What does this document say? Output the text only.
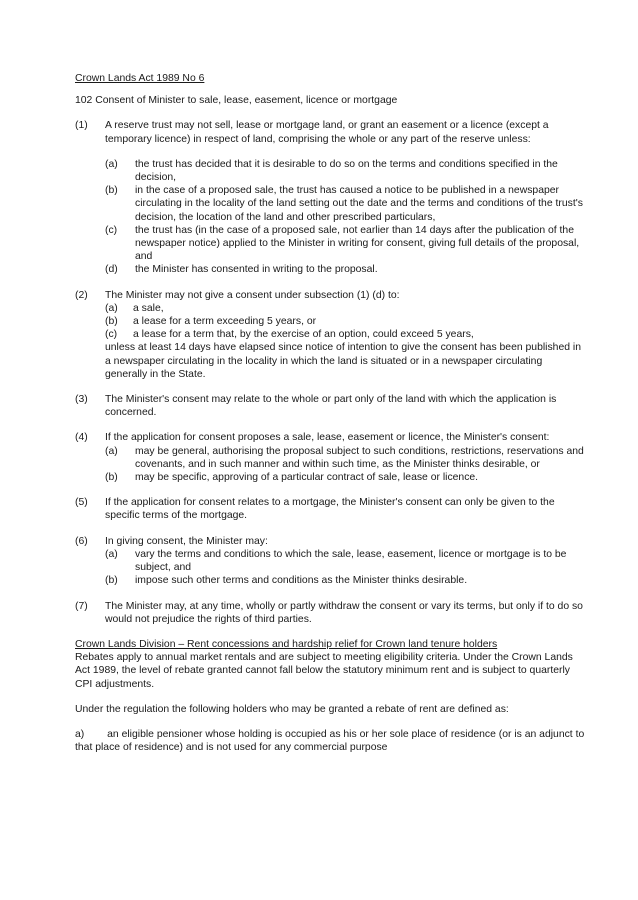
Crown Lands Act 1989 No 6
102 Consent of Minister to sale, lease, easement, licence or mortgage
(1)	A reserve trust may not sell, lease or mortgage land, or grant an easement or a licence (except a temporary licence) in respect of land, comprising the whole or any part of the reserve unless:
(a)	the trust has decided that it is desirable to do so on the terms and conditions specified in the decision,
(b)	in the case of a proposed sale, the trust has caused a notice to be published in a newspaper circulating in the locality of the land setting out the date and the terms and conditions of the trust's decision, the location of the land and other prescribed particulars,
(c)	the trust has (in the case of a proposed sale, not earlier than 14 days after the publication of the newspaper notice) applied to the Minister in writing for consent, giving full details of the proposal, and
(d)	the Minister has consented in writing to the proposal.
(2)	The Minister may not give a consent under subsection (1) (d) to:
(a)	a sale,
(b)	a lease for a term exceeding 5 years, or
(c)	a lease for a term that, by the exercise of an option, could exceed 5 years,
unless at least 14 days have elapsed since notice of intention to give the consent has been published in a newspaper circulating in the locality in which the land is situated or in a newspaper circulating generally in the State.
(3)	The Minister's consent may relate to the whole or part only of the land with which the application is concerned.
(4)	If the application for consent proposes a sale, lease, easement or licence, the Minister's consent:
(a)	may be general, authorising the proposal subject to such conditions, restrictions, reservations and covenants, and in such manner and within such time, as the Minister thinks desirable, or
(b)	may be specific, approving of a particular contract of sale, lease or licence.
(5)	If the application for consent relates to a mortgage, the Minister's consent can only be given to the specific terms of the mortgage.
(6)	In giving consent, the Minister may:
(a)	vary the terms and conditions to which the sale, lease, easement, licence or mortgage is to be subject, and
(b)	impose such other terms and conditions as the Minister thinks desirable.
(7)	The Minister may, at any time, wholly or partly withdraw the consent or vary its terms, but only if to do so would not prejudice the rights of third parties.
Crown Lands Division – Rent concessions and hardship relief for Crown land tenure holders
Rebates apply to annual market rentals and are subject to meeting eligibility criteria. Under the Crown Lands Act 1989, the level of rebate granted cannot fall below the statutory minimum rent and is subject to quarterly CPI adjustments.
Under the regulation the following holders who may be granted a rebate of rent are defined as:
a) an eligible pensioner whose holding is occupied as his or her sole place of residence (or is an adjunct to that place of residence) and is not used for any commercial purpose
